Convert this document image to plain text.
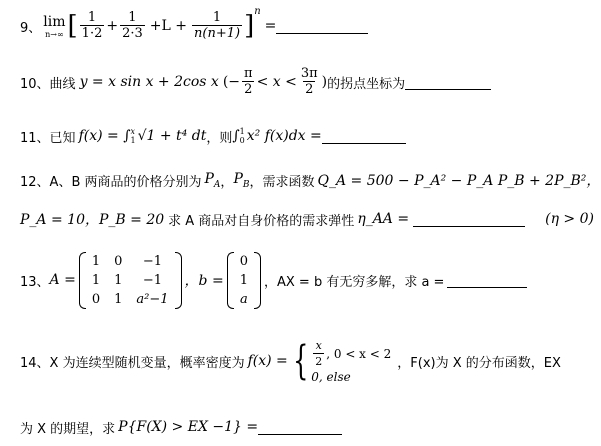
9、 lim
n→∞ [ $\frac{1}{1\cdot 2} + \frac{1}{2\cdot 3} +L + \frac{1}{n(n+1)}$ ] n
=
10、 曲线 y = x sin x + 2cos x (− $\frac{\pi}{2} < x < \frac{3\pi}{2}$ ) 的拐点坐标为
11、 已知 f(x) = ∫ x
1 √1 + t⁴ dt ，则 ∫ 1
0 x² f(x)dx =
12、 A、B 两商品的价格分别为 $P_A$ ， $P_B$ ，需求函数 Q_A = 500 − P_A² − P_A P_B + 2P_B²，
P_A = 10，P_B = 20 求 A 商品对自身价格的需求弹性 η_AA =	(η > 0)
13、 A =
1 0 −1
1 1 −1
0 1 a²−1
，b =
0
1
a
，AX = b 有无穷多解，求 a =
14、 X 为连续型随机变量，概率密度为 f(x) = { $\frac{x}{2}$ , 0 < x < 2
0, else
，F(x)为 X 的分布函数，EX
为 X 的期望，求 P{F(X) > EX −1} =
